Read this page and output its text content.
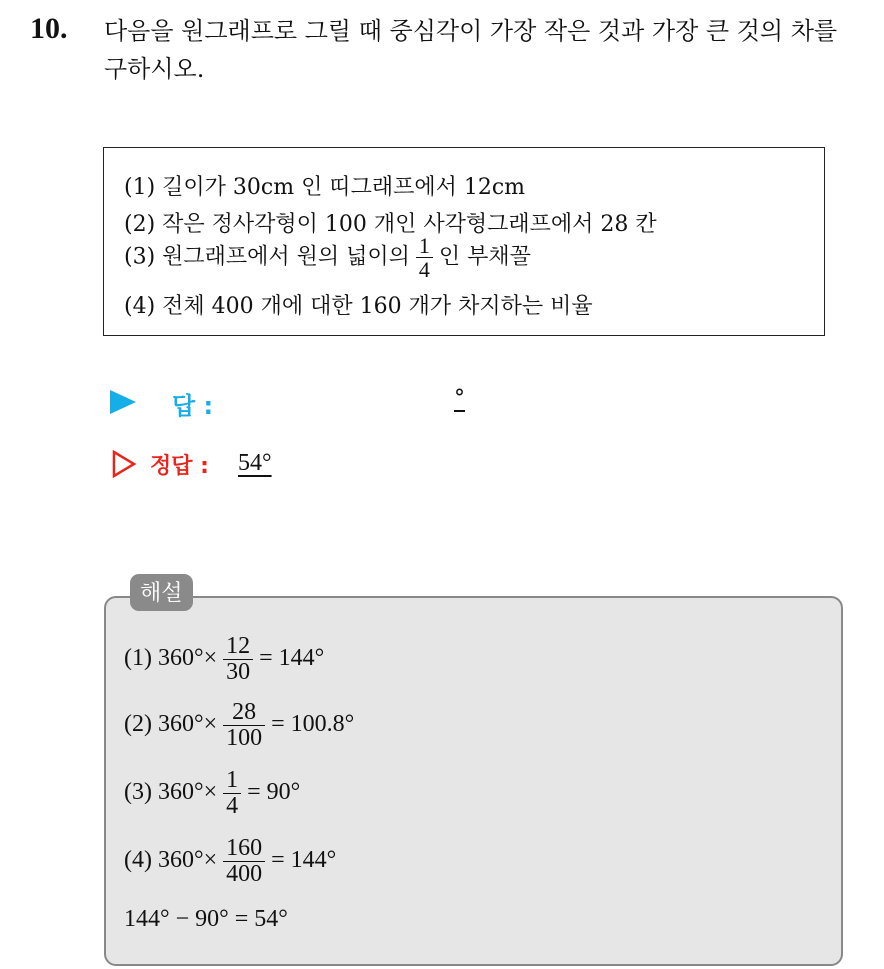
10. 다음을 원그래프로 그릴 때 중심각이 가장 작은 것과 가장 큰 것의 차를 구하시오.
(1) 길이가 30cm 인 띠그래프에서 12cm
(2) 작은 정사각형이 100 개인 사각형그래프에서 28 칸
(3) 원그래프에서 원의 넓이의 $\frac{1}{4}$ 인 부채꼴
(4) 전체 400 개에 대한 160 개가 차지하는 비율
답 :	°
정답 : 54°
해설
(1) $360^\circ\times \frac{12}{30} = 144^\circ$
(2) $360^\circ\times \frac{28}{100} = 100.8^\circ$
(3) $360^\circ\times \frac{1}{4} = 90^\circ$
(4) $360^\circ\times \frac{160}{400} = 144^\circ$
144° − 90° = 54°
